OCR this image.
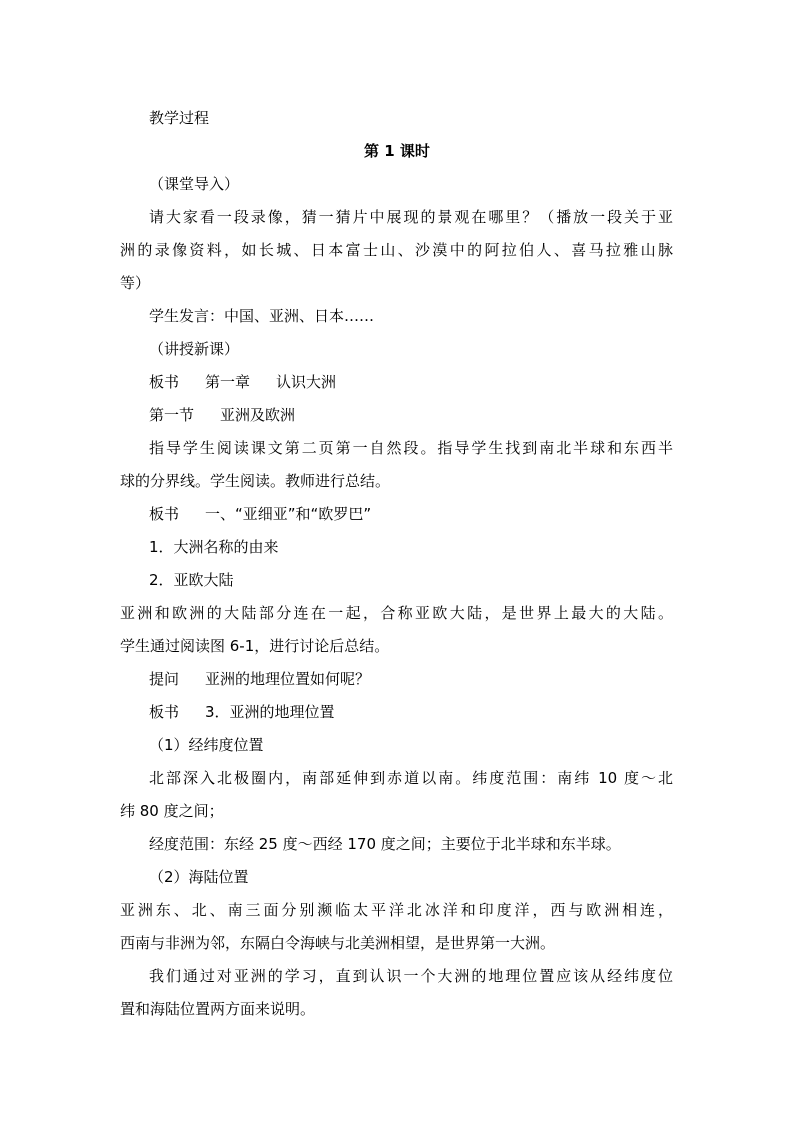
教学过程
第 1 课时
（课堂导入）
请大家看一段录像，猜一猜片中展现的景观在哪里？（播放一段关于亚
洲的录像资料，如长城、日本富士山、沙漠中的阿拉伯人、喜马拉雅山脉
等）
学生发言：中国、亚洲、日本……
（讲授新课）
板书 第一章 认识大洲
第一节 亚洲及欧洲
指导学生阅读课文第二页第一自然段。指导学生找到南北半球和东西半
球的分界线。学生阅读。教师进行总结。
板书 一、“亚细亚”和“欧罗巴”
1．大洲名称的由来
2．亚欧大陆
亚洲和欧洲的大陆部分连在一起，合称亚欧大陆，是世界上最大的大陆。
学生通过阅读图 6-1，进行讨论后总结。
提问 亚洲的地理位置如何呢？
板书 3．亚洲的地理位置
（1）经纬度位置
北部深入北极圈内，南部延伸到赤道以南。纬度范围：南纬 10 度～北
纬 80 度之间；
经度范围：东经 25 度～西经 170 度之间；主要位于北半球和东半球。
（2）海陆位置
亚洲东、北、南三面分别濒临太平洋北冰洋和印度洋，西与欧洲相连，
西南与非洲为邻，东隔白令海峡与北美洲相望，是世界第一大洲。
我们通过对亚洲的学习，直到认识一个大洲的地理位置应该从经纬度位
置和海陆位置两方面来说明。
